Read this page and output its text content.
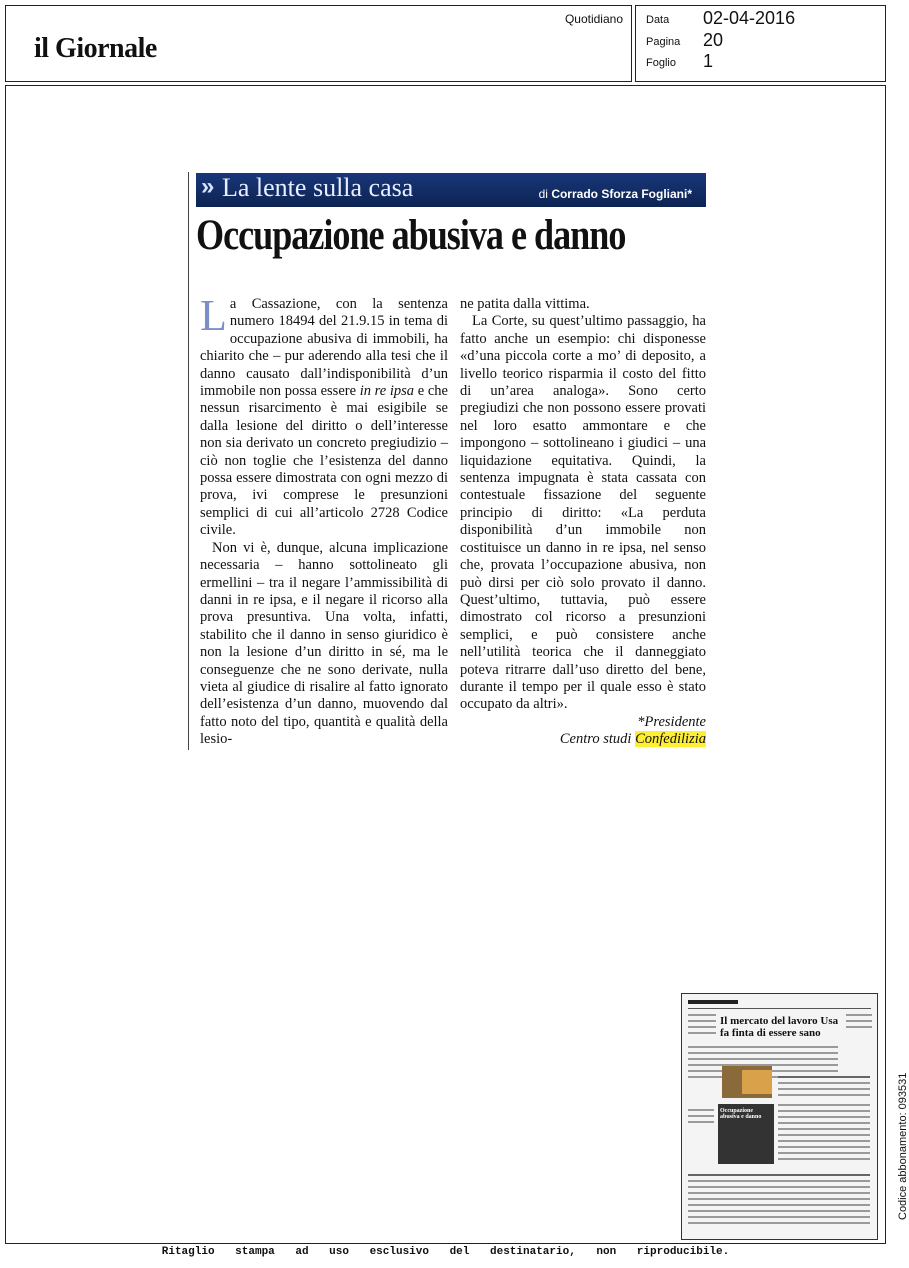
il Giornale
Quotidiano Data 02-04-2016
Pagina 20
Foglio 1
» La lente sulla casa	di Corrado Sforza Fogliani*
Occupazione abusiva e danno

La Cassazione, con la sentenza numero 18494 del 21.9.15 in tema di occupazione abusiva di immobili, ha chiarito che – pur aderendo alla tesi che il danno causato dall’indisponibilità d’un immobile non possa essere in re ipsa e che nessun risarcimento è mai esigibile se dalla lesione del diritto o dell’interesse non sia derivato un concreto pregiudizio – ciò non toglie che l’esistenza del danno possa essere dimostrata con ogni mezzo di prova, ivi comprese le presunzioni semplici di cui all’articolo 2728 Codice civile.

Non vi è, dunque, alcuna implicazione necessaria – hanno sottolineato gli ermellini – tra il negare l’ammissibilità di danni in re ipsa, e il negare il ricorso alla prova presuntiva. Una volta, infatti, stabilito che il danno in senso giuridico è non la lesione d’un diritto in sé, ma le conseguenze che ne sono derivate, nulla vieta al giudice di risalire al fatto ignorato dell’esistenza d’un danno, muovendo dal fatto noto del tipo, quantità e qualità della lesio-

ne patita dalla vittima.

La Corte, su quest’ultimo passaggio, ha fatto anche un esempio: chi disponesse «d’una piccola corte a mo’ di deposito, a livello teorico risparmia il costo del fitto di un’area analoga». Sono certo pregiudizi che non possono essere provati nel loro esatto ammontare e che impongono – sottolineano i giudici – una liquidazione equitativa. Quindi, la sentenza impugnata è stata cassata con contestuale fissazione del seguente principio di diritto: «La perduta disponibilità d’un immobile non costituisce un danno in re ipsa, nel senso che, provata l’occupazione abusiva, non può dirsi per ciò solo provato il danno. Quest’ultimo, tuttavia, può essere dimostrato col ricorso a presunzioni semplici, e può consistere anche nell’utilità teorica che il danneggiato poteva ritrarre dall’uso diretto del bene, durante il tempo per il quale esso è stato occupato da altri».

*Presidente

Centro studi Confedilizia

Il mercato del lavoro Usa fa finta di essere sano
Occupazione abusiva e danno	Codice abbonamento: 093531
Ritaglio stampa ad uso esclusivo del destinatario, non riproducibile.
